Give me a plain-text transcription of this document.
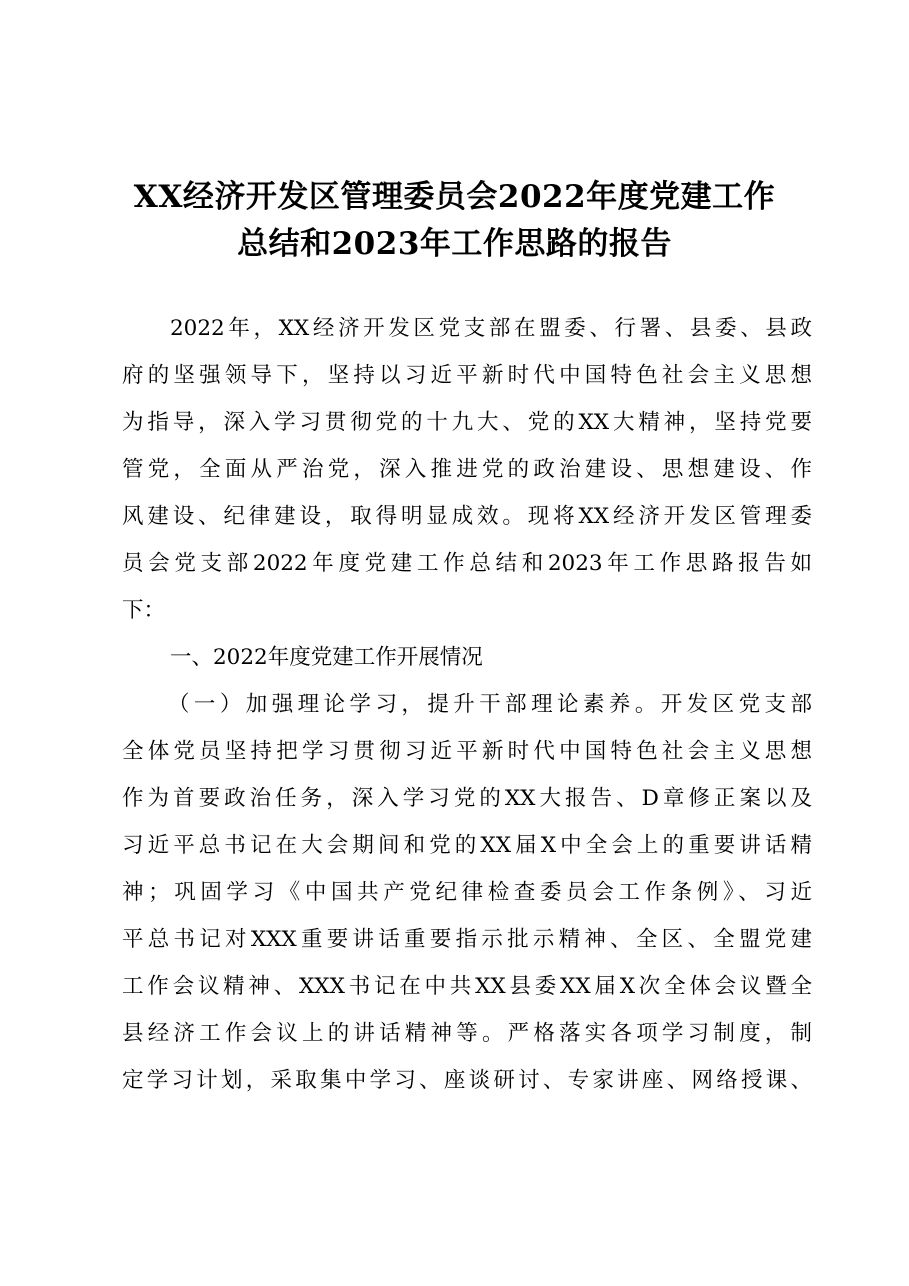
XX经济开发区管理委员会2022年度党建工作
总结和2023年工作思路的报告
2022年，XX经济开发区党支部在盟委、行署、县委、县政
府的坚强领导下，坚持以习近平新时代中国特色社会主义思想
为指导，深入学习贯彻党的十九大、党的XX大精神，坚持党要
管党，全面从严治党，深入推进党的政治建设、思想建设、作
风建设、纪律建设，取得明显成效。现将XX经济开发区管理委
员会党支部2022年度党建工作总结和2023年工作思路报告如
下：
一、2022年度党建工作开展情况
（一）加强理论学习，提升干部理论素养。开发区党支部
全体党员坚持把学习贯彻习近平新时代中国特色社会主义思想
作为首要政治任务，深入学习党的XX大报告、D章修正案以及
习近平总书记在大会期间和党的XX届X中全会上的重要讲话精
神；巩固学习《中国共产党纪律检查委员会工作条例》、习近
平总书记对XXX重要讲话重要指示批示精神、全区、全盟党建
工作会议精神、XXX书记在中共XX县委XX届X次全体会议暨全
县经济工作会议上的讲话精神等。严格落实各项学习制度，制
定学习计划，采取集中学习、座谈研讨、专家讲座、网络授课、
